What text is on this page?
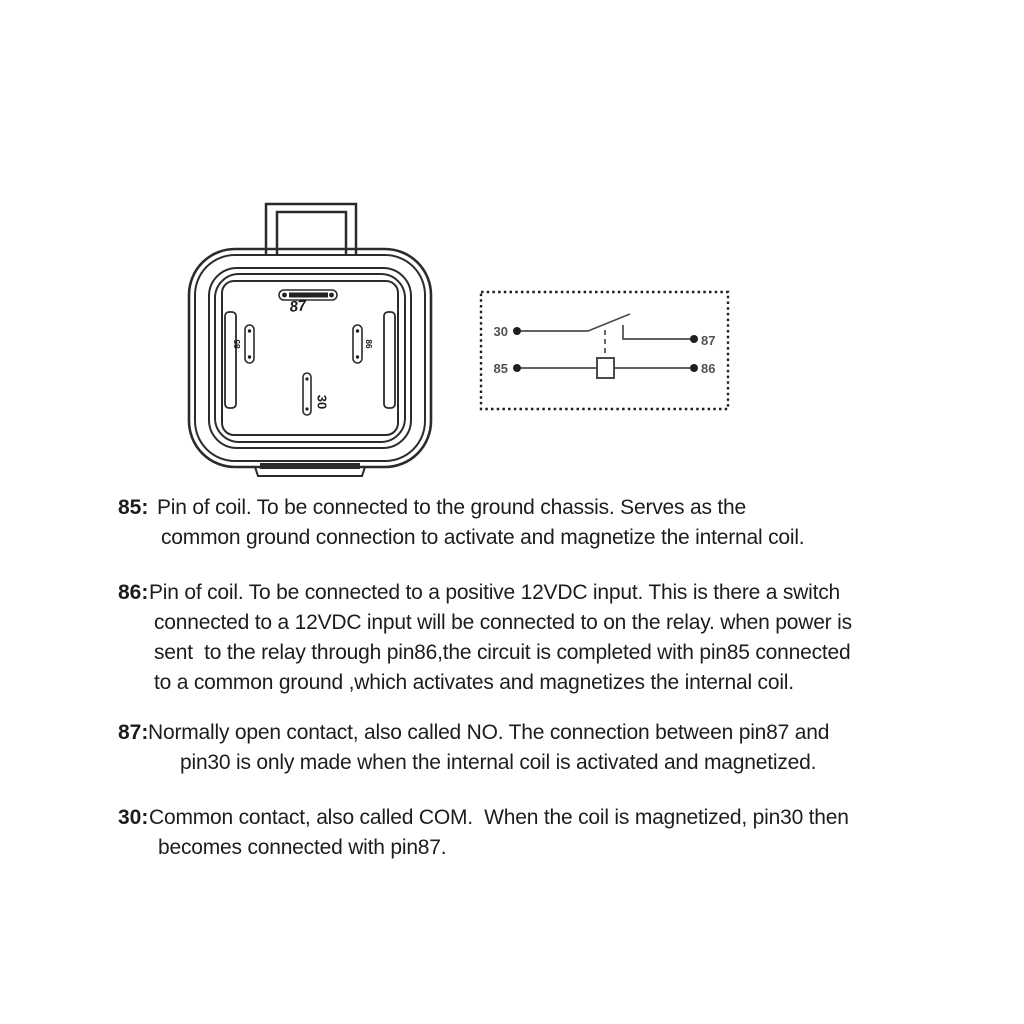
87
85	86
30
30
87
85	86
85: Pin of coil. To be connected to the ground chassis. Serves as the
common ground connection to activate and magnetize the internal coil.
86: Pin of coil. To be connected to a positive 12VDC input. This is there a switch
connected to a 12VDC input will be connected to on the relay. when power is
sent  to the relay through pin86,the circuit is completed with pin85 connected
to a common ground ,which activates and magnetizes the internal coil.
87: Normally open contact, also called NO. The connection between pin87 and
pin30 is only made when the internal coil is activated and magnetized.
30: Common contact, also called COM.  When the coil is magnetized, pin30 then
becomes connected with pin87.
